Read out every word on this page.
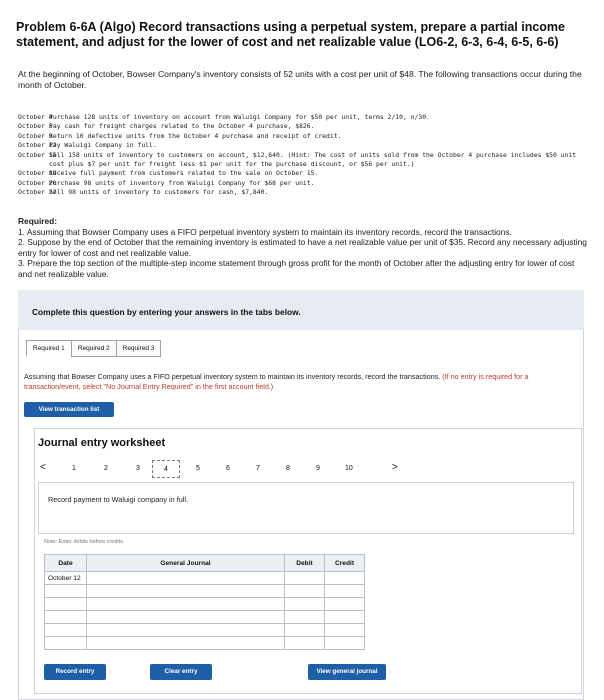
Problem 6-6A (Algo) Record transactions using a perpetual system, prepare a partial income statement, and adjust for the lower of cost and net realizable value (LO6-2, 6-3, 6-4, 6-5, 6-6)
At the beginning of October, Bowser Company's inventory consists of 52 units with a cost per unit of $48. The following transactions occur during the month of October.
October 4
Purchase 128 units of inventory on account from Waluigi Company for $50 per unit, terms 2/10, n/30.
October 5
Pay cash for freight charges related to the October 4 purchase, $826.
October 9
Return 10 defective units from the October 4 purchase and receipt of credit.
October 12
Pay Waluigi Company in full.
October 15
Sell 158 units of inventory to customers on account, $12,640. (Hint: The cost of units sold from the October 4 purchase includes $50 unit cost plus $7 per unit for freight less $1 per unit for the purchase discount, or $56 per unit.)
October 19
Receive full payment from customers related to the sale on October 15.
October 20
Purchase 98 units of inventory from Waluigi Company for $68 per unit.
October 22
Sell 98 units of inventory to customers for cash, $7,840.
Required:
1. Assuming that Bowser Company uses a FIFO perpetual inventory system to maintain its inventory records, record the transactions.
2. Suppose by the end of October that the remaining inventory is estimated to have a net realizable value per unit of $35. Record any necessary adjusting entry for lower of cost and net realizable value.
3. Prepare the top section of the multiple-step income statement through gross profit for the month of October after the adjusting entry for lower of cost and net realizable value.
Complete this question by entering your answers in the tabs below.
Required 1	Required 2	Required 3
Assuming that Bowser Company uses a FIFO perpetual inventory system to maintain its inventory records, record the transactions. (If no entry is required for a transaction/event, select "No Journal Entry Required" in the first account field.)
View transaction list
Journal entry worksheet
<	1	2	3	4	5	6	7	8	9	10	>
Record payment to Waluigi company in full.
Note: Enter debits before credits.
Date	General Journal	Debit	Credit
October 12			

Record entry	Clear entry	View general journal
